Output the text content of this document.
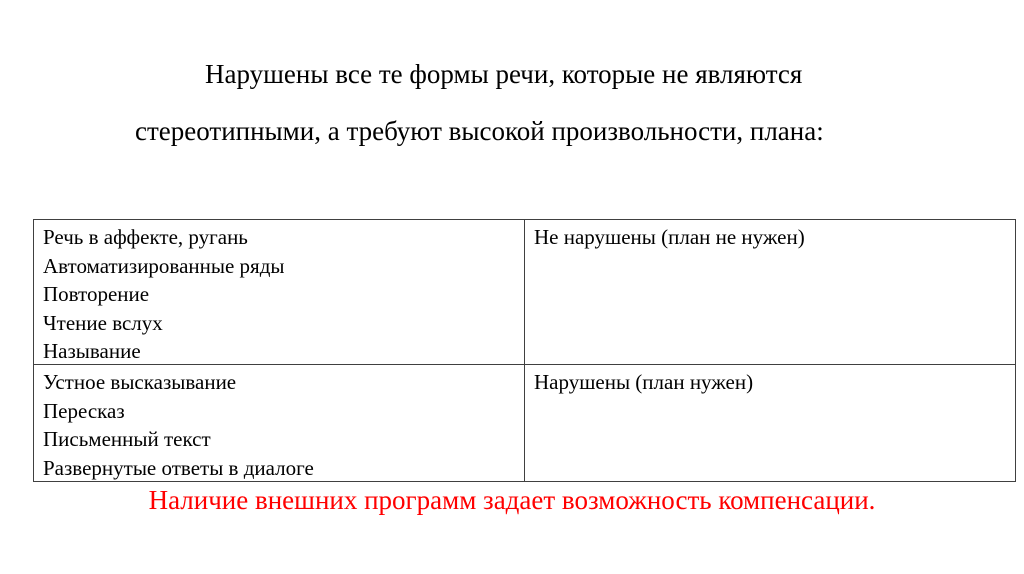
Нарушены все те формы речи, которые не являются
стереотипными, а требуют высокой произвольности, плана:
Речь в аффекте, ругань
Автоматизированные ряды
Повторение
Чтение вслух
Называние
Не нарушены (план не нужен)
Устное высказывание
Пересказ
Письменный текст
Развернутые ответы в диалоге
Нарушены (план нужен)
Наличие внешних программ задает возможность компенсации.
